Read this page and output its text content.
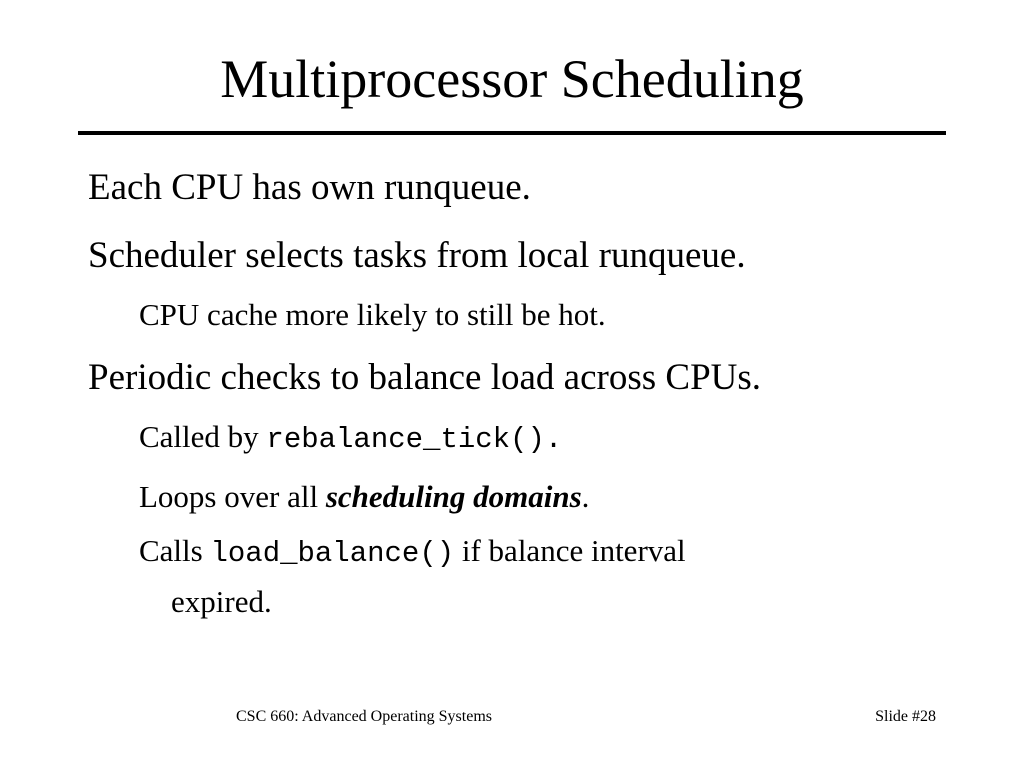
Multiprocessor Scheduling
Each CPU has own runqueue.
Scheduler selects tasks from local runqueue.
CPU cache more likely to still be hot.
Periodic checks to balance load across CPUs.
Called by rebalance_tick().
Loops over all scheduling domains.
Calls load_balance() if balance interval
expired.
CSC 660: Advanced Operating Systems	Slide #28
